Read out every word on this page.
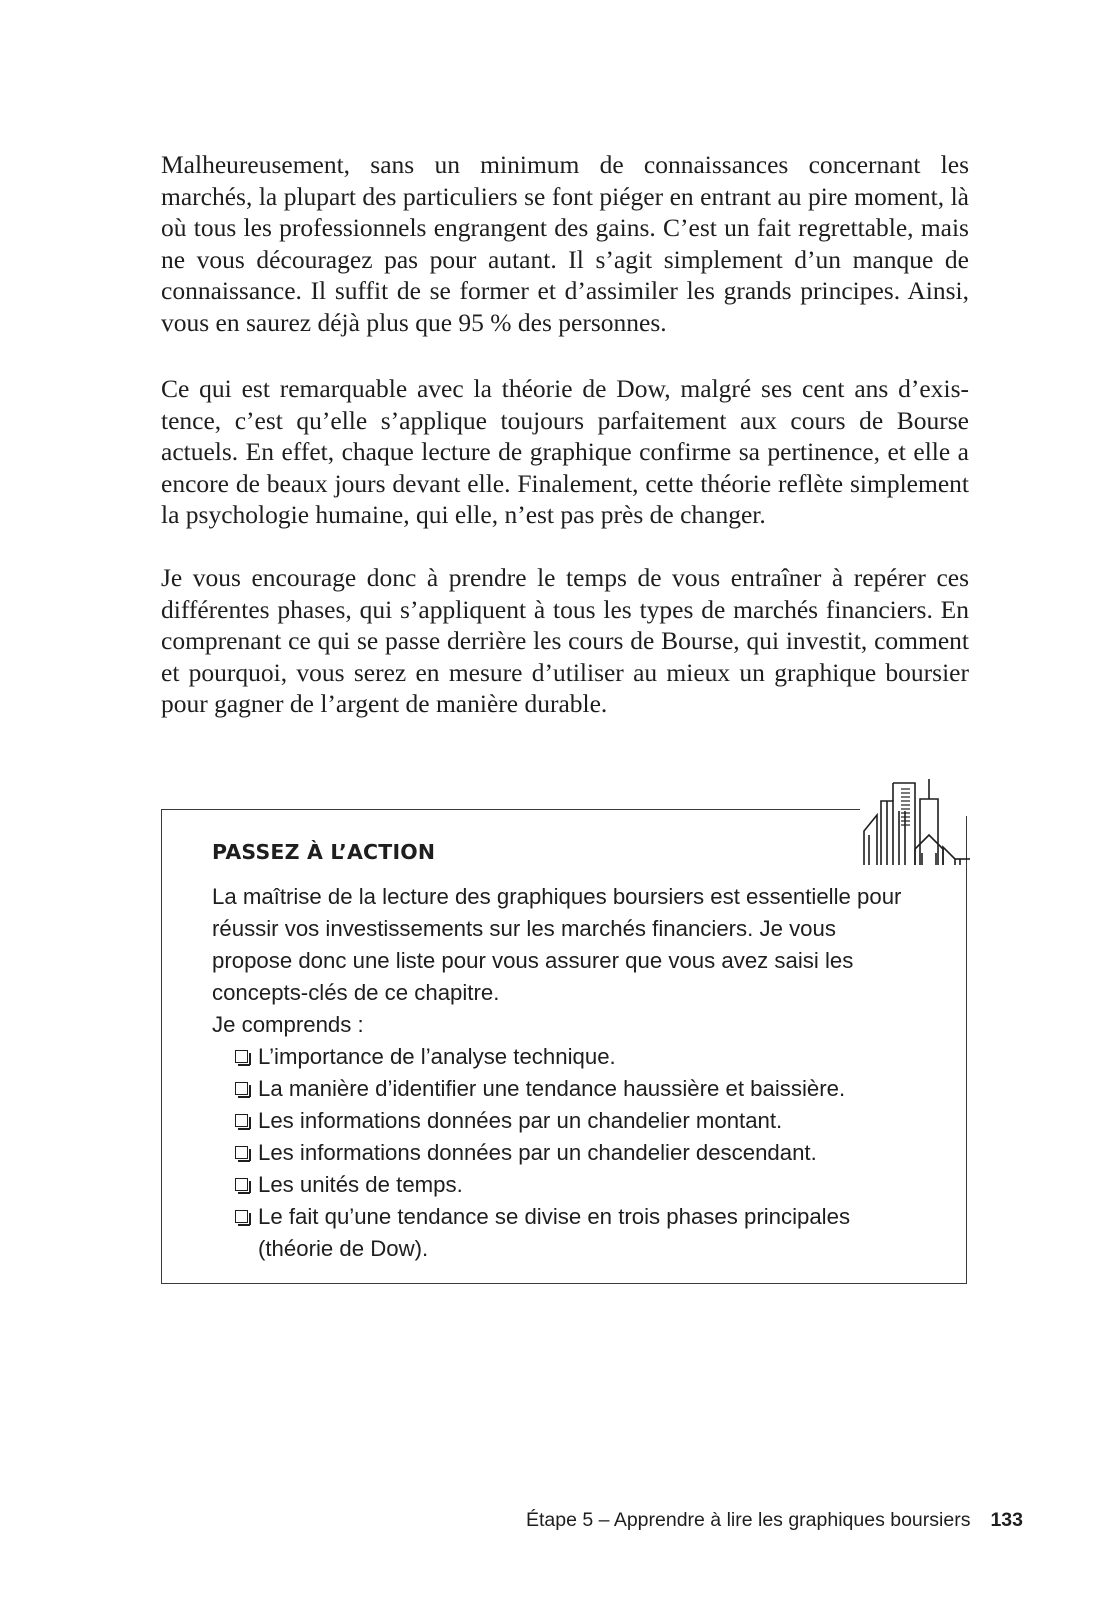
Malheureusement, sans un minimum de connaissances concernant les marchés, la plupart des particuliers se font piéger en entrant au pire moment, là où tous les professionnels engrangent des gains. C’est un fait regrettable, mais ne vous découragez pas pour autant. Il s’agit simplement d’un manque de connaissance. Il suffit de se former et d’assimiler les grands principes. Ainsi, vous en saurez déjà plus que 95 % des personnes.

Ce qui est remarquable avec la théorie de Dow, malgré ses cent ans d’existence, c’est qu’elle s’applique toujours parfaitement aux cours de Bourse actuels. En effet, chaque lecture de graphique confirme sa pertinence, et elle a encore de beaux jours devant elle. Finalement, cette théorie reflète simplement la psychologie humaine, qui elle, n’est pas près de changer.

Je vous encourage donc à prendre le temps de vous entraîner à repérer ces différentes phases, qui s’appliquent à tous les types de marchés financiers. En comprenant ce qui se passe derrière les cours de Bourse, qui investit, comment et pourquoi, vous serez en mesure d’utiliser au mieux un graphique boursier pour gagner de l’argent de manière durable.

PASSEZ À L’ACTION

La maîtrise de la lecture des graphiques boursiers est essentielle pour réussir vos investissements sur les marchés financiers. Je vous propose donc une liste pour vous assurer que vous avez saisi les concepts-clés de ce chapitre.

Je comprends :

L’importance de l’analyse technique.
La manière d’identifier une tendance haussière et baissière.
Les informations données par un chandelier montant.
Les informations données par un chandelier descendant.
Les unités de temps.
Le fait qu’une tendance se divise en trois phases principales (théorie de Dow).
Étape 5 – Apprendre à lire les graphiques boursiers 133
